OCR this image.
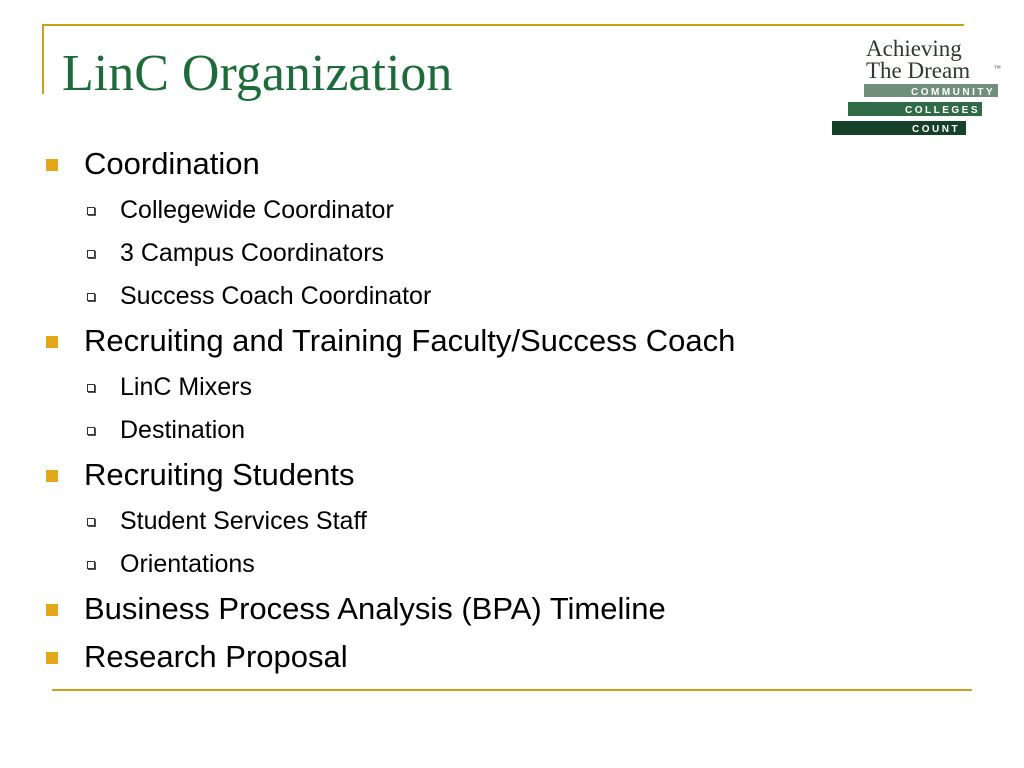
LinC Organization	Achieving
The Dream	™
COMMUNITY
COLLEGES
COUNT
Coordination
Collegewide Coordinator
3 Campus Coordinators
Success Coach Coordinator
Recruiting and Training Faculty/Success Coach
LinC Mixers
Destination
Recruiting Students
Student Services Staff
Orientations
Business Process Analysis (BPA) Timeline
Research Proposal
